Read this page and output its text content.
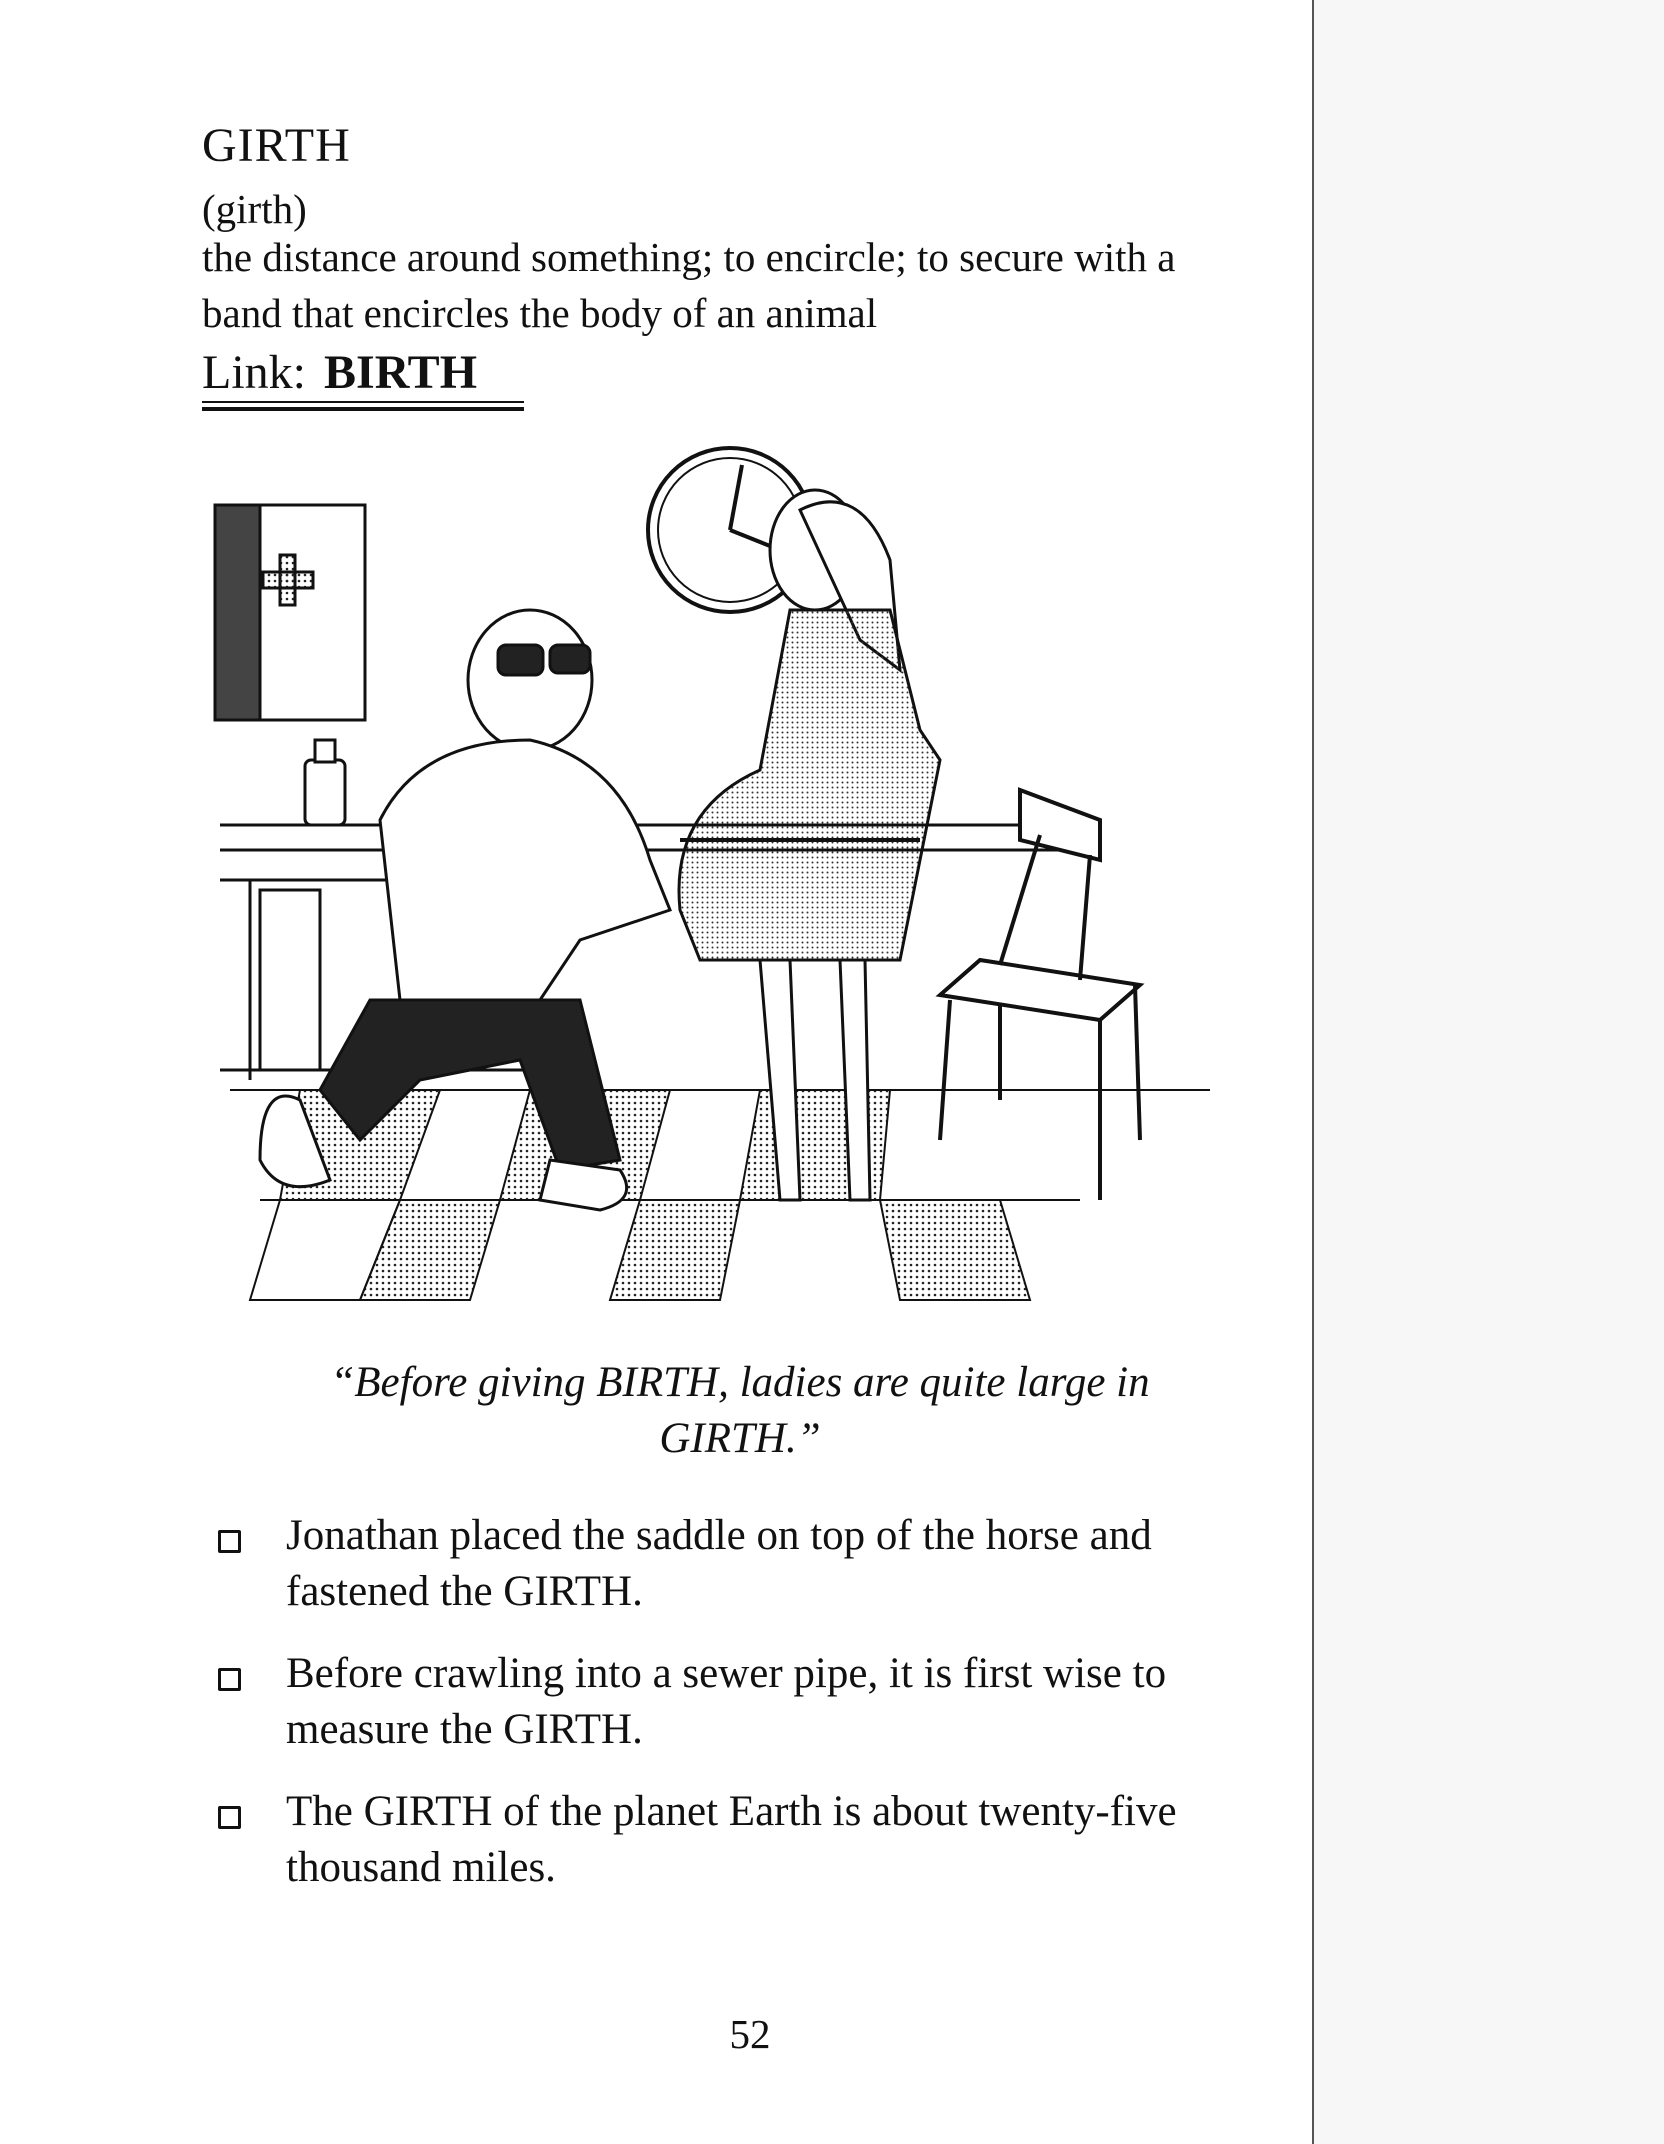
GIRTH
(girth)
the distance around something; to encircle; to secure with a band that encircles the body of an animal
Link: BIRTH
“Before giving BIRTH, ladies are quite large in GIRTH.”
Jonathan placed the saddle on top of the horse and fastened the GIRTH.
Before crawling into a sewer pipe, it is first wise to measure the GIRTH.
The GIRTH of the planet Earth is about twenty-five thousand miles.
52
